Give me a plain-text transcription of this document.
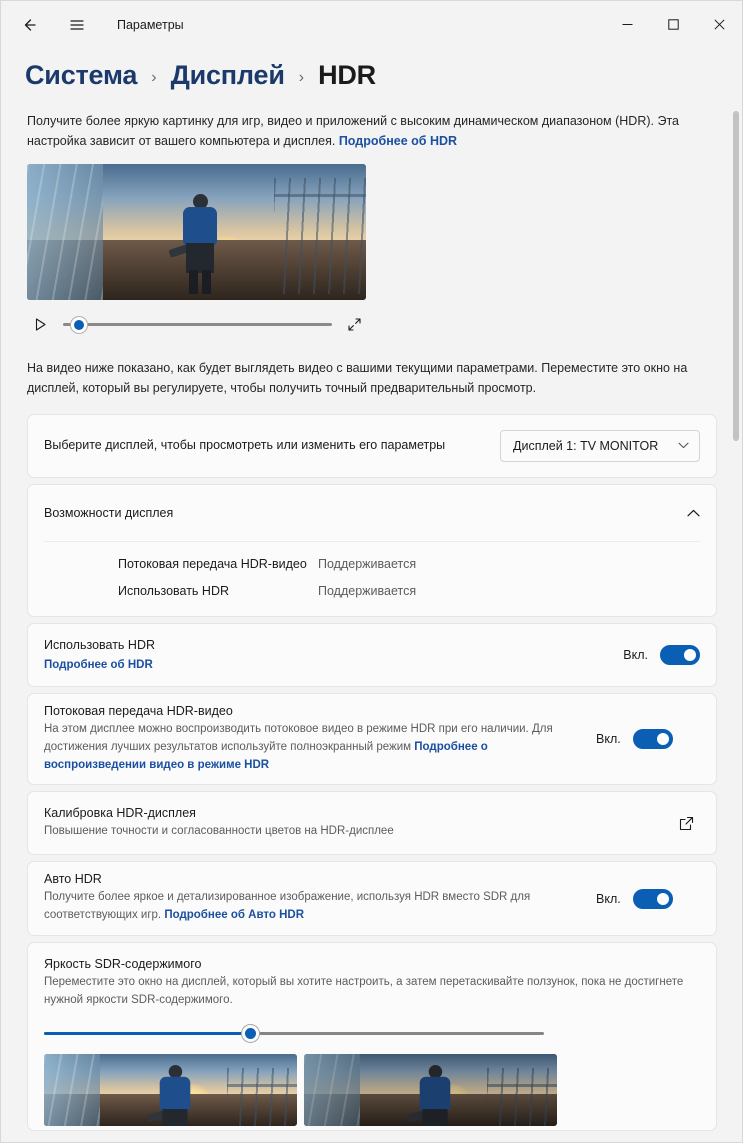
Параметры
Система › Дисплей › HDR
Получите более яркую картинку для игр, видео и приложений с высоким динамическом диапазоном (HDR). Эта настройка зависит от вашего компьютера и дисплея. Подробнее об HDR
На видео ниже показано, как будет выглядеть видео с вашими текущими параметрами. Переместите это окно на дисплей, который вы регулируете, чтобы получить точный предварительный просмотр.
Выберите дисплей, чтобы просмотреть или изменить его параметры	Дисплей 1: TV MONITOR
Возможности дисплея
Потоковая передача HDR-видео Поддерживается
Использовать HDR	Поддерживается
Использовать HDR
Подробнее об HDR
Вкл.
Потоковая передача HDR-видео
На этом дисплее можно воспроизводить потоковое видео в режиме HDR при его наличии. Для достижения лучших результатов используйте полноэкранный режим Подробнее о воспроизведении видео в режиме HDR
Вкл.
Калибровка HDR-дисплея
Повышение точности и согласованности цветов на HDR-дисплее
Авто HDR
Получите более яркое и детализированное изображение, используя HDR вместо SDR для соответствующих игр. Подробнее об Авто HDR
Вкл.
Яркость SDR-содержимого
Переместите это окно на дисплей, который вы хотите настроить, а затем перетаскивайте ползунок, пока не достигнете нужной яркости SDR-содержимого.
